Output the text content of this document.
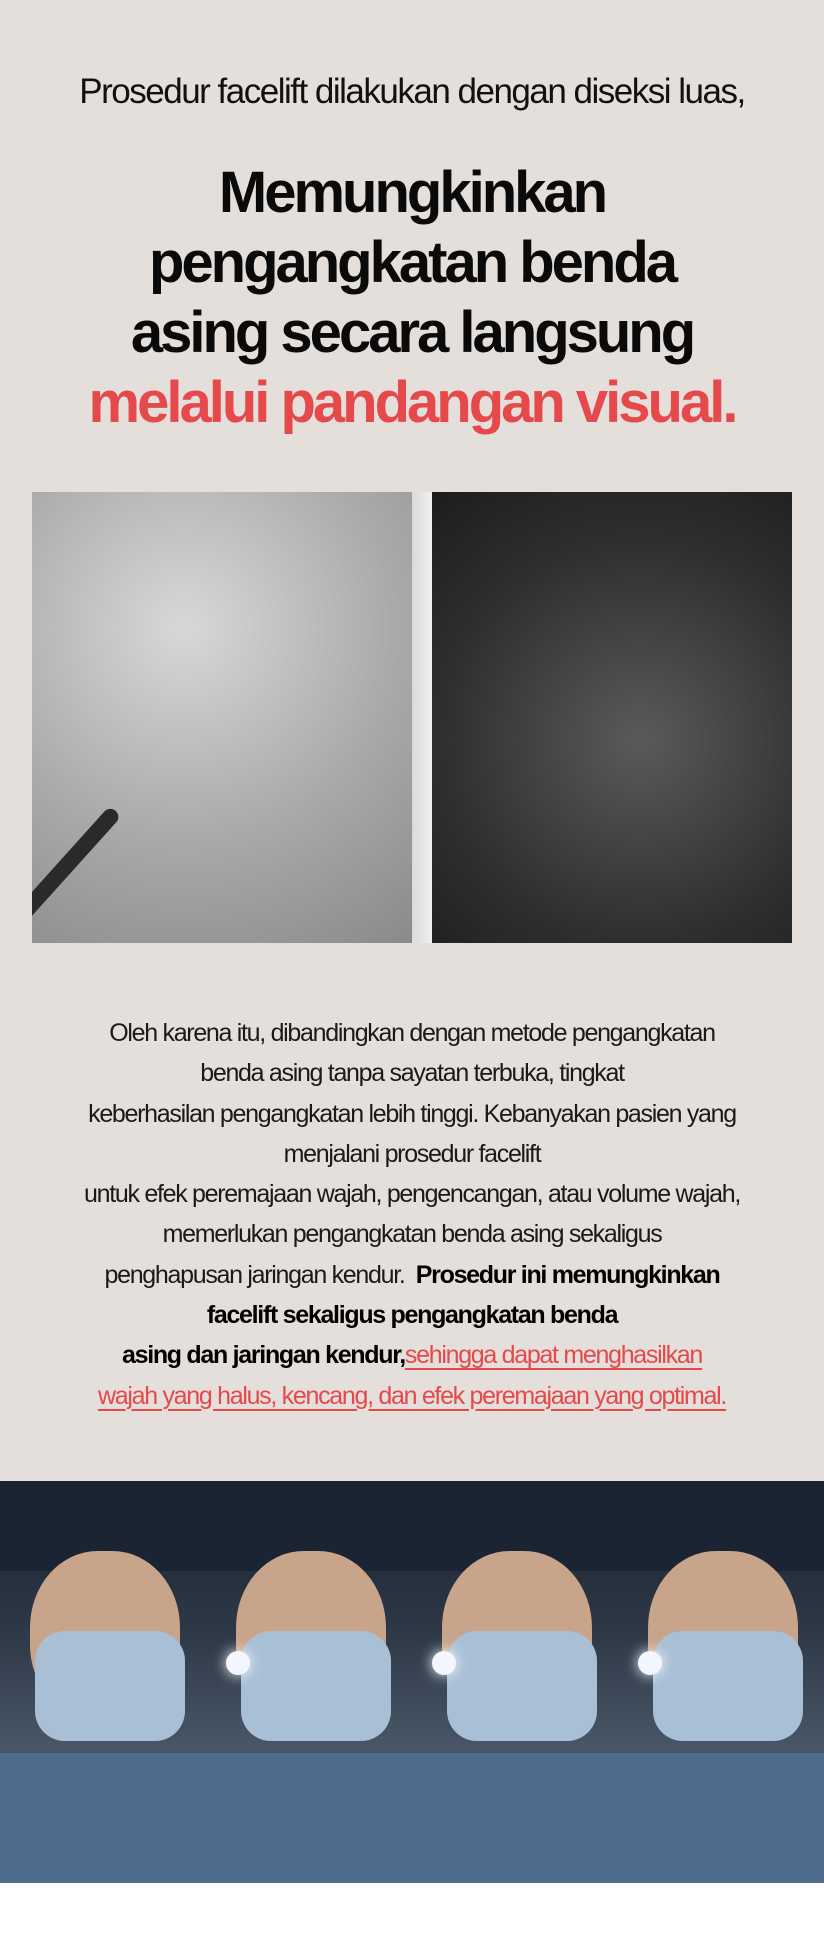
Prosedur facelift dilakukan dengan diseksi luas,

Memungkinkan
pengangkatan benda
asing secara langsung
melalui pandangan visual.
Oleh karena itu, dibandingkan dengan metode pengangkatan
benda asing tanpa sayatan terbuka, tingkat
keberhasilan pengangkatan lebih tinggi. Kebanyakan pasien yang
menjalani prosedur facelift
untuk efek peremajaan wajah, pengencangan, atau volume wajah,
memerlukan pengangkatan benda asing sekaligus
penghapusan jaringan kendur. Prosedur ini memungkinkan
facelift sekaligus pengangkatan benda
asing dan jaringan kendur,sehingga dapat menghasilkan
wajah yang halus, kencang, dan efek peremajaan yang optimal.
